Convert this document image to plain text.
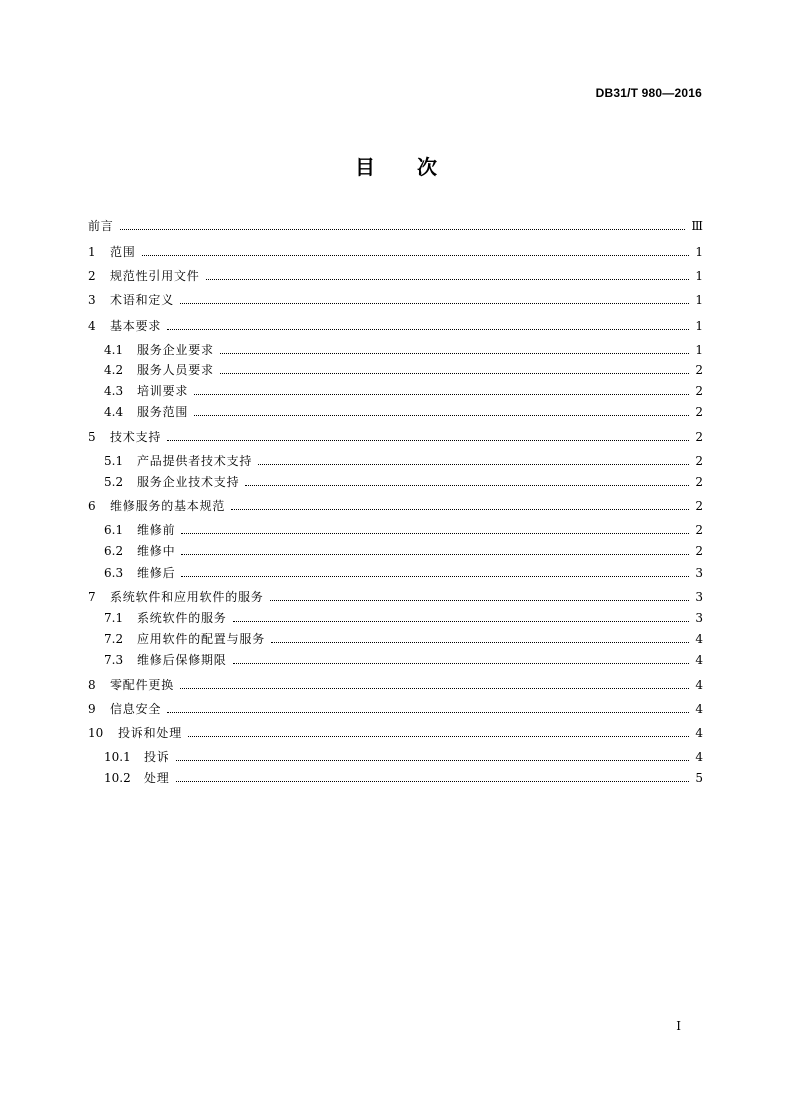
DB31/T 980—2016
目 次
前言	Ⅲ
1	范围	1
2	规范性引用文件	1
3	术语和定义	1
4	基本要求	1
4.1	服务企业要求	1
4.2	服务人员要求	2
4.3	培训要求	2
4.4	服务范围	2
5	技术支持	2
5.1	产品提供者技术支持	2
5.2	服务企业技术支持	2
6	维修服务的基本规范	2
6.1	维修前	2
6.2	维修中	2
6.3	维修后	3
7	系统软件和应用软件的服务	3
7.1	系统软件的服务	3
7.2	应用软件的配置与服务	4
7.3	维修后保修期限	4
8	零配件更换	4
9	信息安全	4
10	投诉和处理	4
10.1	投诉	4
10.2	处理	5
I
